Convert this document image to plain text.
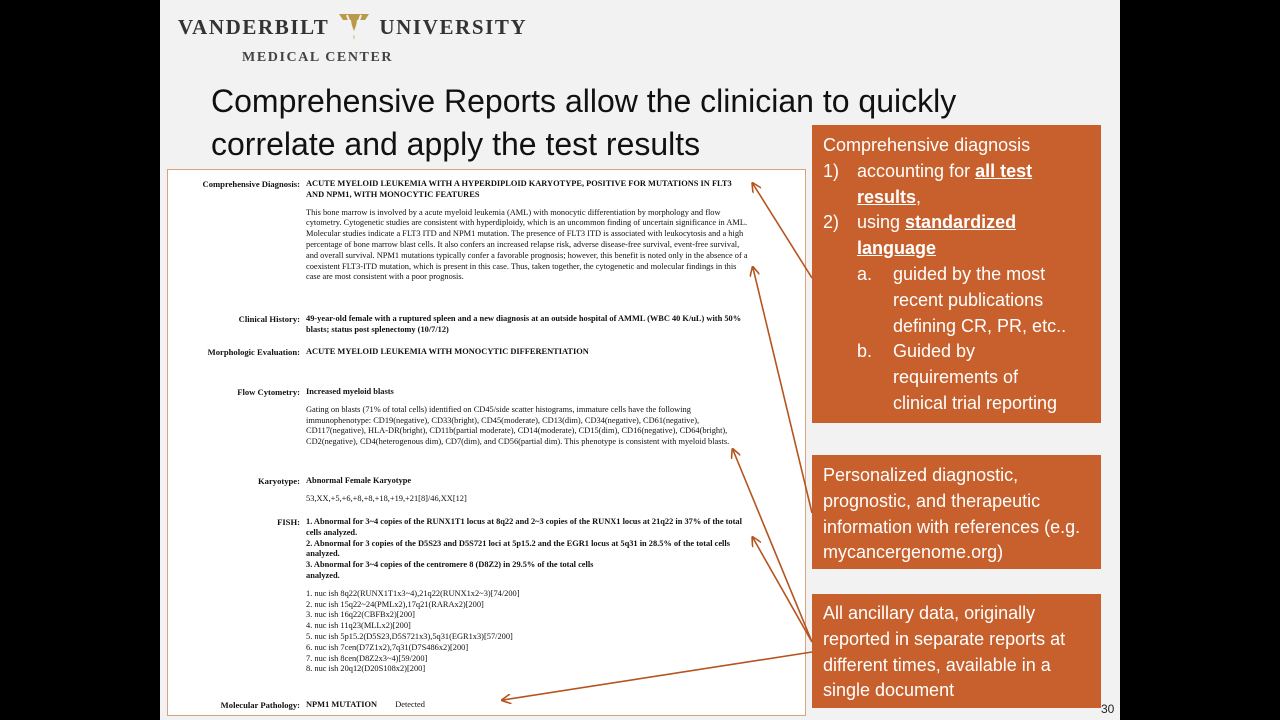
VANDERBILT UNIVERSITY
MEDICAL CENTER
Comprehensive Reports allow the clinician to quickly
correlate and apply the test results
Comprehensive Diagnosis: ACUTE MYELOID LEUKEMIA WITH A HYPERDIPLOID KARYOTYPE, POSITIVE FOR MUTATIONS IN FLT3 AND NPM1, WITH MONOCYTIC FEATURES
This bone marrow is involved by a acute myeloid leukemia (AML) with monocytic differentiation by morphology and flow cytometry. Cytogenetic studies are consistent with hyperdiploidy, which is an uncommon finding of uncertain significance in AML. Molecular studies indicate a FLT3 ITD and NPM1 mutation. The presence of FLT3 ITD is associated with leukocytosis and a high percentage of bone marrow blast cells. It also confers an increased relapse risk, adverse disease-free survival, event-free survival, and overall survival. NPM1 mutations typically confer a favorable prognosis; however, this benefit is noted only in the absence of a coexistent FLT3-ITD mutation, which is present in this case. Thus, taken together, the cytogenetic and molecular findings in this case are most consistent with a poor prognosis.
Clinical History: 49-year-old female with a ruptured spleen and a new diagnosis at an outside hospital of AMML (WBC 40 K/uL) with 50% blasts; status post splenectomy (10/7/12)
Morphologic Evaluation: ACUTE MYELOID LEUKEMIA WITH MONOCYTIC DIFFERENTIATION
Flow Cytometry: Increased myeloid blasts
Gating on blasts (71% of total cells) identified on CD45/side scatter histograms, immature cells have the following immunophenotype: CD19(negative), CD33(bright), CD45(moderate), CD13(dim), CD34(negative), CD61(negative), CD117(negative), HLA-DR(bright), CD11b(partial moderate), CD14(moderate), CD15(dim), CD16(negative), CD64(bright), CD2(negative), CD4(heterogenous dim), CD7(dim), and CD56(partial dim). This phenotype is consistent with myeloid blasts.
Karyotype: Abnormal Female Karyotype
53,XX,+5,+6,+8,+8,+18,+19,+21[8]/46,XX[12]
FISH: 1. Abnormal for 3~4 copies of the RUNX1T1 locus at 8q22 and 2~3 copies of the RUNX1 locus at 21q22 in 37% of the total cells analyzed.
2. Abnormal for 3 copies of the D5S23 and D5S721 loci at 5p15.2 and the EGR1 locus at 5q31 in 28.5% of the total cells analyzed.
3. Abnormal for 3~4 copies of the centromere 8 (D8Z2) in 29.5% of the total cells analyzed.
1. nuc ish 8q22(RUNX1T1x3~4),21q22(RUNX1x2~3)[74/200]
2. nuc ish 15q22~24(PMLx2),17q21(RARAx2)[200]
3. nuc ish 16q22(CBFBx2)[200]
4. nuc ish 11q23(MLLx2)[200]
5. nuc ish 5p15.2(D5S23,D5S721x3),5q31(EGR1x3)[57/200]
6. nuc ish 7cen(D7Z1x2),7q31(D7S486x2)[200]
7. nuc ish 8cen(D8Z2x3~4)[59/200]
8. nuc ish 20q12(D20S108x2)[200]
Molecular Pathology: NPM1 MUTATION Detected
Comprehensive diagnosis
1) accounting for all test results,
2) using standardized language
a.	guided by the most recent publications defining CR, PR, etc..
b.	Guided by requirements of clinical trial reporting
Personalized diagnostic, prognostic, and therapeutic information with references (e.g. mycancergenome.org)
All ancillary data, originally reported in separate reports at different times, available in a single document
30
